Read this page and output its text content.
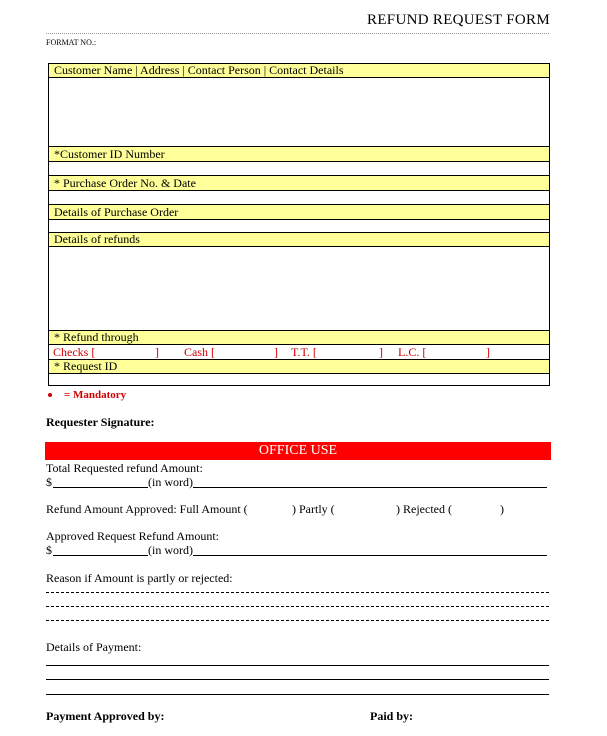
REFUND REQUEST FORM
FORMAT NO.:
Customer Name | Address | Contact Person | Contact Details
*Customer ID Number
* Purchase Order No. & Date
Details of Purchase Order
Details of refunds
* Refund through
Checks [	] Cash [	] T.T. [	] L.C. [	]
* Request ID
= Mandatory
Requester Signature:
OFFICE USE
Total Requested refund Amount:
$	(in word)
Refund Amount Approved: Full Amount (	) Partly (	) Rejected (	)
Approved Request Refund Amount:
$	(in word)
Reason if Amount is partly or rejected:
Details of Payment:
Payment Approved by:	Paid by:
